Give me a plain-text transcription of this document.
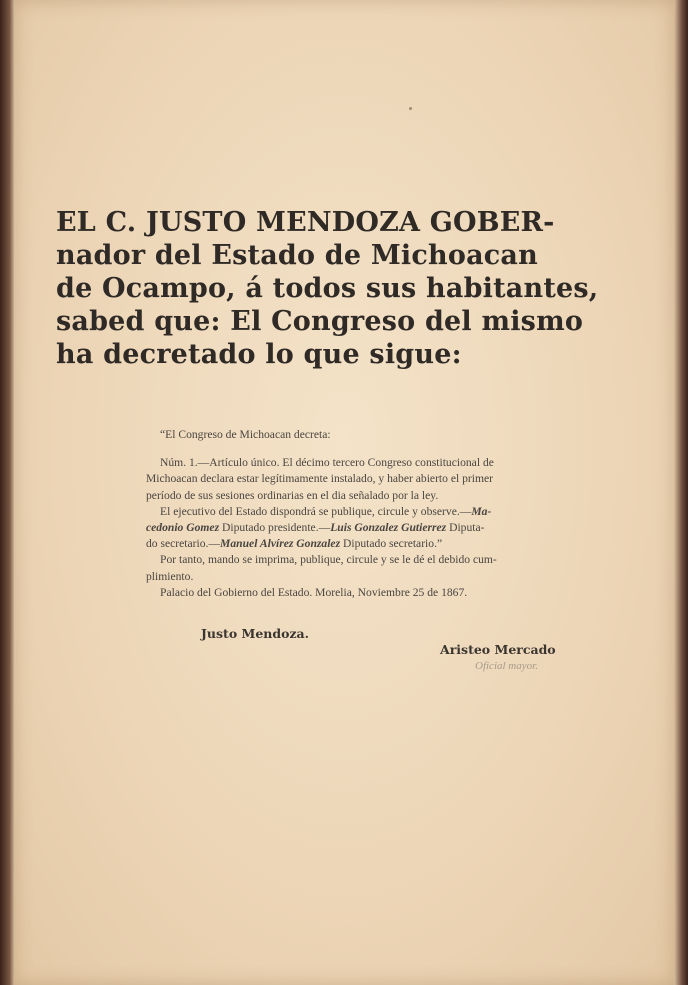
EL C. JUSTO MENDOZA GOBER-
nador del Estado de Michoacan
de Ocampo, á todos sus habitantes,
sabed que: El Congreso del mismo
ha decretado lo que sigue:

“El Congreso de Michoacan decreta:

Núm. 1.—Artículo único. El décimo tercero Congreso constitucional de
Michoacan declara estar legítimamente instalado, y haber abierto el primer
período de sus sesiones ordinarias en el dia señalado por la ley.

El ejecutivo del Estado dispondrá se publique, circule y observe.—Ma-
cedonio Gomez Diputado presidente.—Luis Gonzalez Gutierrez Diputa-
do secretario.—Manuel Alvírez Gonzalez Diputado secretario.”

Por tanto, mando se imprima, publique, circule y se le dé el debido cum-
plimiento.

Palacio del Gobierno del Estado. Morelia, Noviembre 25 de 1867.

Justo Mendoza.
Aristeo Mercado
Oficial mayor.
